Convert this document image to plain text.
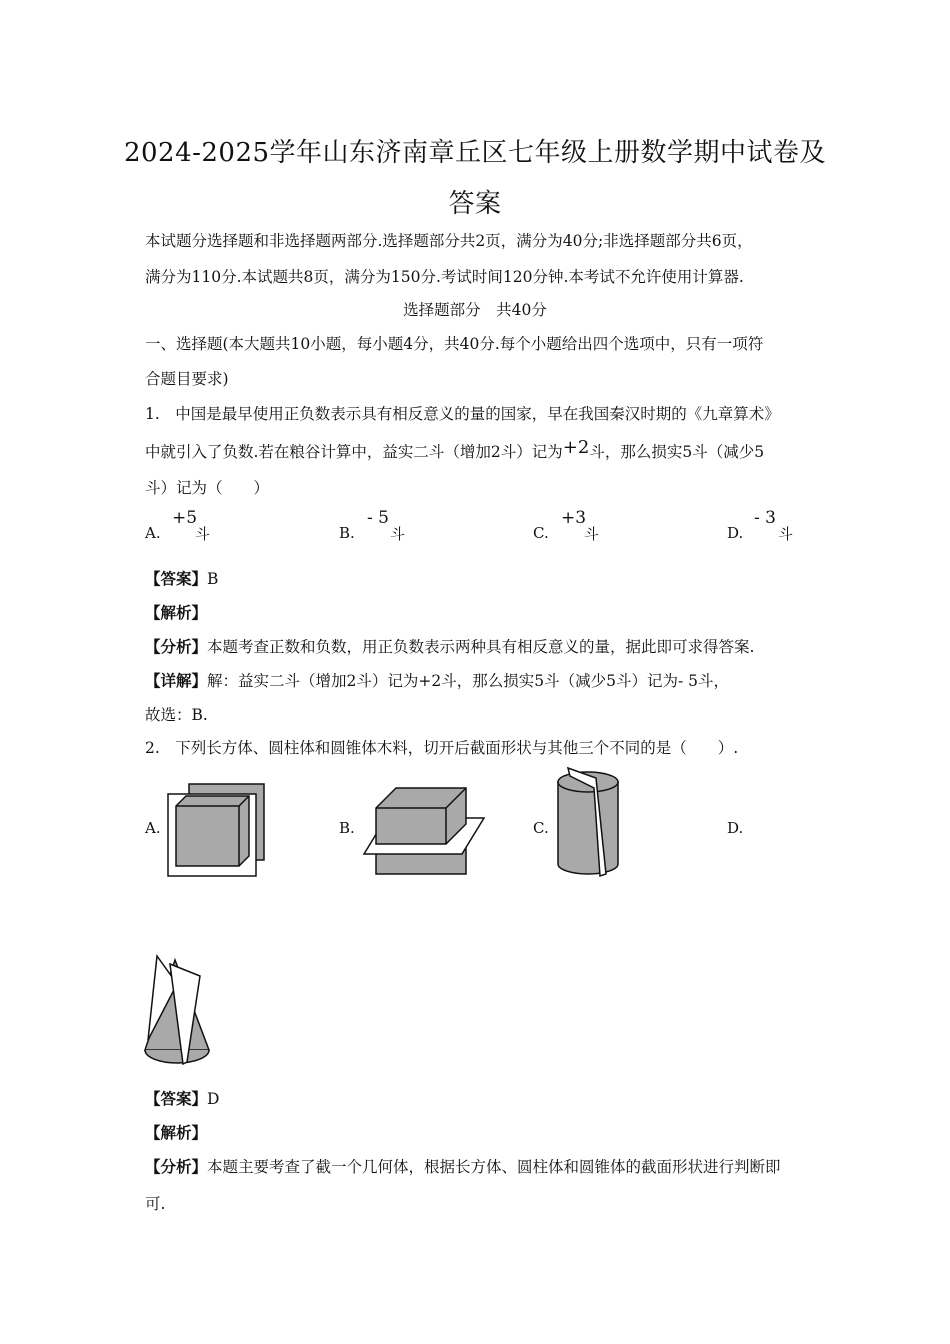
2024-2025学年山东济南章丘区七年级上册数学期中试卷及
答案
本试题分选择题和非选择题两部分.选择题部分共2页，满分为40分;非选择题部分共6页，
满分为110分.本试题共8页，满分为150分.考试时间120分钟.本考试不允许使用计算器.
选择题部分　共40分
一、选择题(本大题共10小题，每小题4分，共40分.每个小题给出四个选项中，只有一项符
合题目要求)
1.　中国是最早使用正负数表示具有相反意义的量的国家，早在我国秦汉时期的《九章算术》
中就引入了负数.若在粮谷计算中，益实二斗（增加2斗）记为+2斗，那么损实5斗（减少5
斗）记为（　　）
A.
+5
斗	B.
- 5
斗	C.
+3
斗	D.
- 3
斗
【答案】B
【解析】
【分析】本题考查正数和负数，用正负数表示两种具有相反意义的量，据此即可求得答案.
【详解】解：益实二斗（增加2斗）记为+2斗，那么损实5斗（减少5斗）记为- 5斗，
故选：B.
2.　下列长方体、圆柱体和圆锥体木料，切开后截面形状与其他三个不同的是（　　）.
A.	B.	C.	D.
【答案】D
【解析】
【分析】本题主要考查了截一个几何体，根据长方体、圆柱体和圆锥体的截面形状进行判断即
可.
